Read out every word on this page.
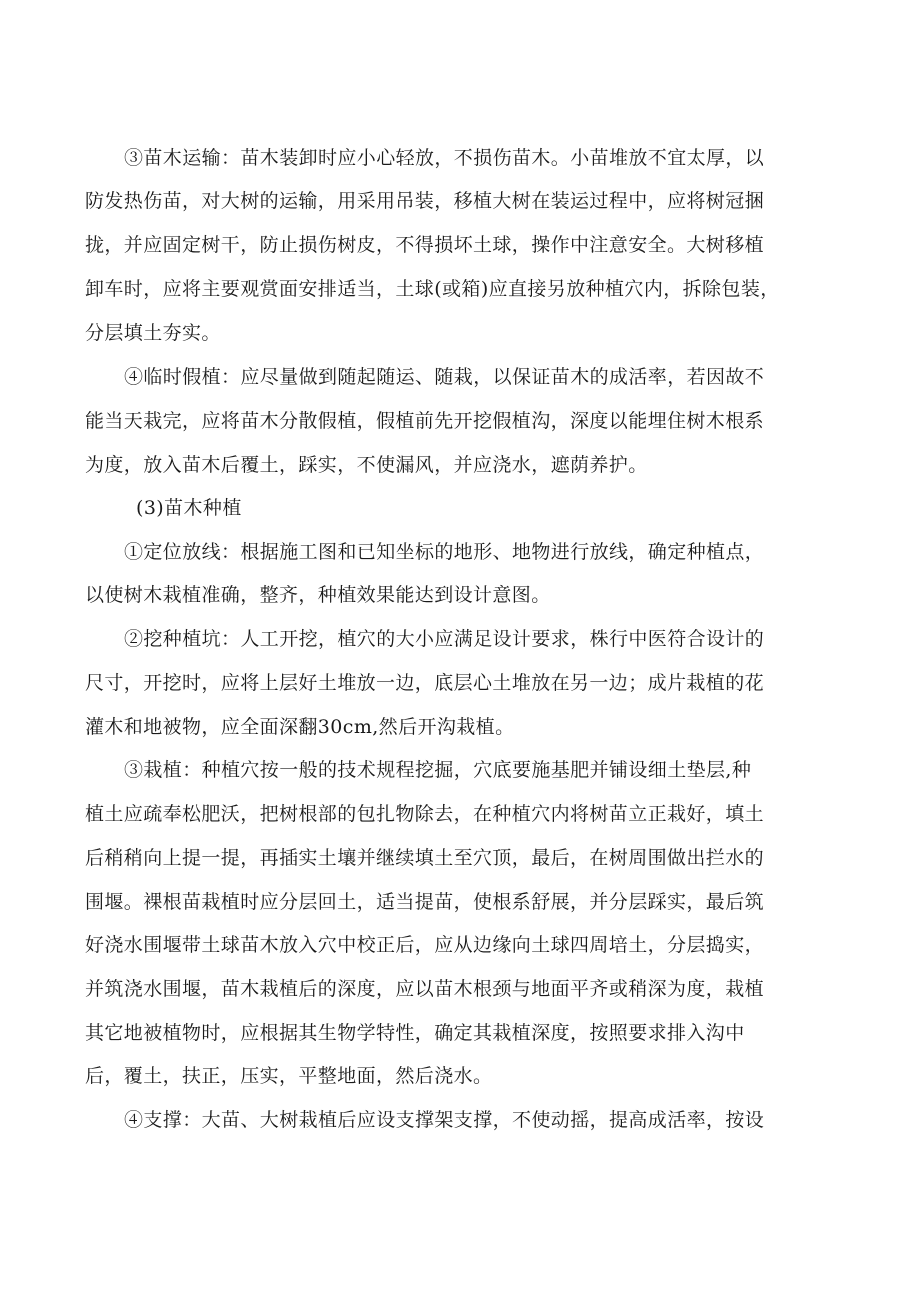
③苗木运输：苗木装卸时应小心轻放，不损伤苗木。小苗堆放不宜太厚，以
防发热伤苗，对大树的运输，用采用吊装，移植大树在装运过程中，应将树冠捆
拢，并应固定树干，防止损伤树皮，不得损坏土球，操作中注意安全。大树移植
卸车时，应将主要观赏面安排适当，土球(或箱)应直接另放种植穴内，拆除包装，
分层填土夯实。
④临时假植：应尽量做到随起随运、随栽，以保证苗木的成活率，若因故不
能当天栽完，应将苗木分散假植，假植前先开挖假植沟，深度以能埋住树木根系
为度，放入苗木后覆土，踩实，不使漏风，并应浇水，遮荫养护。
(3)苗木种植
①定位放线：根据施工图和已知坐标的地形、地物进行放线，确定种植点，
以使树木栽植准确，整齐，种植效果能达到设计意图。
②挖种植坑：人工开挖，植穴的大小应满足设计要求，株行中医符合设计的
尺寸，开挖时，应将上层好土堆放一边，底层心土堆放在另一边；成片栽植的花
灌木和地被物，应全面深翻30cm,然后开沟栽植。
③栽植：种植穴按一般的技术规程挖掘，穴底要施基肥并铺设细土垫层,种
植土应疏奉松肥沃，把树根部的包扎物除去，在种植穴内将树苗立正栽好，填土
后稍稍向上提一提，再插实土壤并继续填土至穴顶，最后，在树周围做出拦水的
围堰。裸根苗栽植时应分层回土，适当提苗，使根系舒展，并分层踩实，最后筑
好浇水围堰带土球苗木放入穴中校正后，应从边缘向土球四周培土，分层捣实，
并筑浇水围堰，苗木栽植后的深度，应以苗木根颈与地面平齐或稍深为度，栽植
其它地被植物时，应根据其生物学特性，确定其栽植深度，按照要求排入沟中
后，覆土，扶正，压实，平整地面，然后浇水。
④支撑：大苗、大树栽植后应设支撑架支撑，不使动摇，提高成活率，按设
